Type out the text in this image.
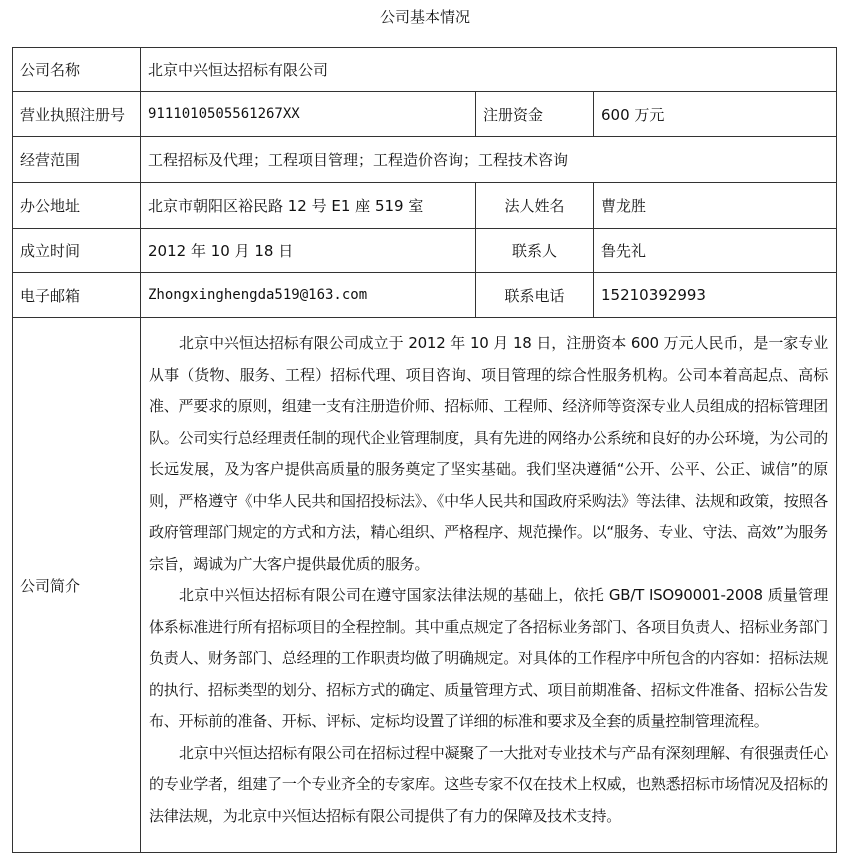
公司基本情况
公司名称	北京中兴恒达招标有限公司		
营业执照注册号	911101050556​1267XX	注册资金	600 万元
经营范围	工程招标及代理；工程项目管理；工程造价咨询；工程技术咨询		
办公地址	北京市朝阳区裕民路 12 号 E1 座 519 室	法人姓名	曹龙胜
成立时间	2012 年 10 月 18 日	联系人	鲁先礼
电子邮箱	Zhongxinghengda519@163.com	联系电话	15210392993
公司简介	北京中兴恒达招标有限公司成立于 2012 年 10 月 18 日，注册资本 600 万元人民币，是一家专业从事（货物、服务、工程）招标代理、项目咨询、项目管理的综合性服务机构。公司本着高起点、高标准、严要求的原则，组建一支有注册造价师、招标师、工程师、经济师等资深专业人员组成的招标管理团队。公司实行总经理责任制的现代企业管理制度，具有先进的网络办公系统和良好的办公环境，为公司的长远发展，及为客户提供高质量的服务奠定了坚实基础。我们坚决遵循“公开、公平、公正、诚信”的原则，严格遵守《中华人民共和国招投标法》、《中华人民共和国政府采购法》等法律、法规和政策，按照各政府管理部门规定的方式和方法，精心组织、严格程序、规范操作。以“服务、专业、守法、高效”为服务宗旨，竭诚为广大客户提供最优质的服务。

北京中兴恒达招标有限公司在遵守国家法律法规的基础上，依托 GB/T ISO90001-2008 质量管理体系标准进行所有招标项目的全程控制。其中重点规定了各招标业务部门、各项目负责人、招标业务部门负责人、财务部门、总经理的工作职责均做了明确规定。对具体的工作程序中所包含的内容如：招标法规的执行、招标类型的划分、招标方式的确定、质量管理方式、项目前期准备、招标文件准备、招标公告发布、开标前的准备、开标、评标、定标均设置了详细的标准和要求及全套的质量控制管理流程。

北京中兴恒达招标有限公司在招标过程中凝聚了一大批对专业技术与产品有深刻理解、有很强责任心的专业学者，组建了一个专业齐全的专家库。这些专家不仅在技术上权威，也熟悉招标市场情况及招标的法律法规，为北京中兴恒达招标有限公司提供了有力的保障及技术支持。		
